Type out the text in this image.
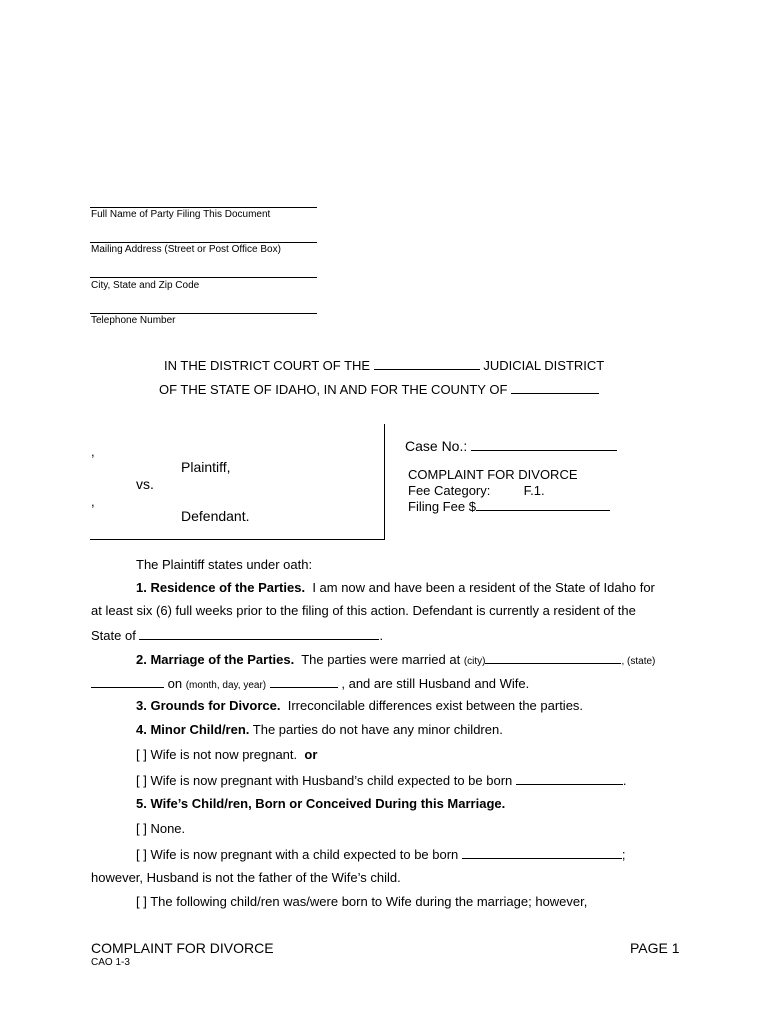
Full Name of Party Filing This Document
Mailing Address (Street or Post Office Box)
City, State and Zip Code
Telephone Number
IN THE DISTRICT COURT OF THE	JUDICIAL DISTRICT
OF THE STATE OF IDAHO, IN AND FOR THE COUNTY OF
,
Plaintiff,
vs.
,
Defendant.
Case No.:
COMPLAINT FOR DIVORCE
Fee Category:	F.1.
Filing Fee $
The Plaintiff states under oath:
1. Residence of the Parties. I am now and have been a resident of the State of Idaho for
at least six (6) full weeks prior to the filing of this action. Defendant is currently a resident of the
State of	.
2. Marriage of the Parties. The parties were married at (city)	, (state)
on (month, day, year)	, and are still Husband and Wife.
3. Grounds for Divorce. Irreconcilable differences exist between the parties.
4. Minor Child/ren. The parties do not have any minor children.
[ ] Wife is not now pregnant. or
[ ] Wife is now pregnant with Husband’s child expected to be born	.
5. Wife’s Child/ren, Born or Conceived During this Marriage.
[ ] None.
[ ] Wife is now pregnant with a child expected to be born	;
however, Husband is not the father of the Wife’s child.
[ ] The following child/ren was/were born to Wife during the marriage; however,
COMPLAINT FOR DIVORCE	PAGE 1
CAO 1-3
